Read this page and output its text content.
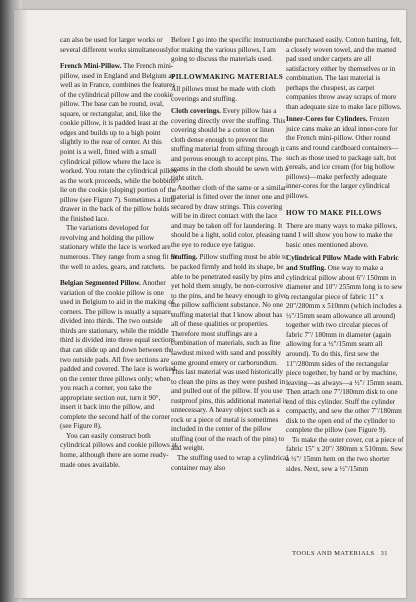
can also be used for larger works or several different works simultaneously.

French Mini-Pillow. The French mini-pillow, used in England and Belgium as well as in France, combines the features of the cylindrical pillow and the cookie pillow. The base can be round, oval, square, or rectangular, and, like the cookie pillow, it is padded least at the edges and builds up to a high point slightly to the rear of center. At this point is a well, fitted with a small cylindrical pillow where the lace is worked. You rotate the cylindrical pillow as the work proceeds, while the bobbins lie on the cookie (sloping) portion of the pillow (see Figure 7). Sometimes a little drawer in the back of the pillow holds the finished lace.

The variations developed for revolving and holding the pillow stationary while the lace is worked are numerous. They range from a snug fit in the well to axles, gears, and ratchets.

Belgian Segmented Pillow. Another variation of the cookie pillow is one used in Belgium to aid in the making of corners. The pillow is usually a square, divided into thirds. The two outside thirds are stationary, while the middle third is divided into three equal sections that can slide up and down between the two outside pads. All five sections are padded and covered. The lace is worked on the center three pillows only; when you reach a corner, you take the appropriate section out, turn it 90°, insert it back into the pillow, and complete the second half of the corner (see Figure 8).

You can easily construct both cylindrical pillows and cookie pillows at home, although there are some ready-made ones available.

Before I go into the specific instructions for making the various pillows, I am going to discuss the materials used.

PILLOWMAKING MATERIALS

All pillows must be made with cloth coverings and stuffing.

Cloth coverings. Every pillow has a covering directly over the stuffing. This covering should be a cotton or linen cloth dense enough to prevent the stuffing material from sifting through it and porous enough to accept pins. The seams in the cloth should be sewn with a tight stitch.

Another cloth of the same or a similar material is fitted over the inner one and secured by draw strings. This covering will be in direct contact with the lace and may be taken off for laundering. It should be a light, solid color, pleasing to the eye to reduce eye fatigue.

Stuffing. Pillow stuffing must be able to be packed firmly and hold its shape, be able to be penetrated easily by pins and yet hold them snugly, be non-corrosive to the pins, and be heavy enough to give the pillow sufficient substance. No one stuffing material that I know about has all of these qualities or properties. Therefore most stuffings are a combination of materials, such as fine sawdust mixed with sand and possibly some ground emery or carborundum. This last material was used historically to clean the pins as they were pushed in and pulled out of the pillow. If you use rustproof pins, this additional material is unnecessary. A heavy object such as a rock or a piece of metal is sometimes included in the center of the pillow stuffing (out of the reach of the pins) to add weight.

The stuffing used to wrap a cylindrical container may also

be purchased easily. Cotton batting, felt, a closely woven towel, and the matted pad used under carpets are all satisfactory either by themselves or in combination. The last material is perhaps the cheapest, as carpet companies throw away scraps of more than adequate size to make lace pillows.

Inner-Cores for Cylinders. Frozen juice cans make an ideal inner-core for the French mini-pillow. Other round cans and round cardboard containers—such as those used to package salt, hot cereals, and ice cream (for big hollow pillows)—make perfectly adequate inner-cores for the larger cylindrical pillows.

HOW TO MAKE PILLOWS

There are many ways to make pillows, and I will show you how to make the basic ones mentioned above.

Cylindrical Pillow Made with Fabric and Stuffing. One way to make a cylindrical pillow about 6"/ 150mm in diameter and 10"/ 255mm long is to sew a rectangular piece of fabric 11" x 20"/280mm x 510mm (which includes a ½"/15mm seam allowance all around) together with two circular pieces of fabric 7"/ 180mm in diameter (again allowing for a ½"/15mm seam all around). To do this, first sew the 11"/280mm sides of the rectangular piece together, by hand or by machine, leaving—as always—a ½"/ 15mm seam. Then attach one 7"/180mm disk to one end of this cylinder. Stuff the cylinder compactly, and sew the other 7"/180mm disk to the open end of the cylinder to complete the pillow (see Figure 9).

To make the outer cover, cut a piece of fabric 15" x 20"/ 380mm x 510mm. Sew a ½"/ 15mm hem on the two shorter sides. Next, sew a ½"/15mm

TOOLS AND MATERIALS 31
